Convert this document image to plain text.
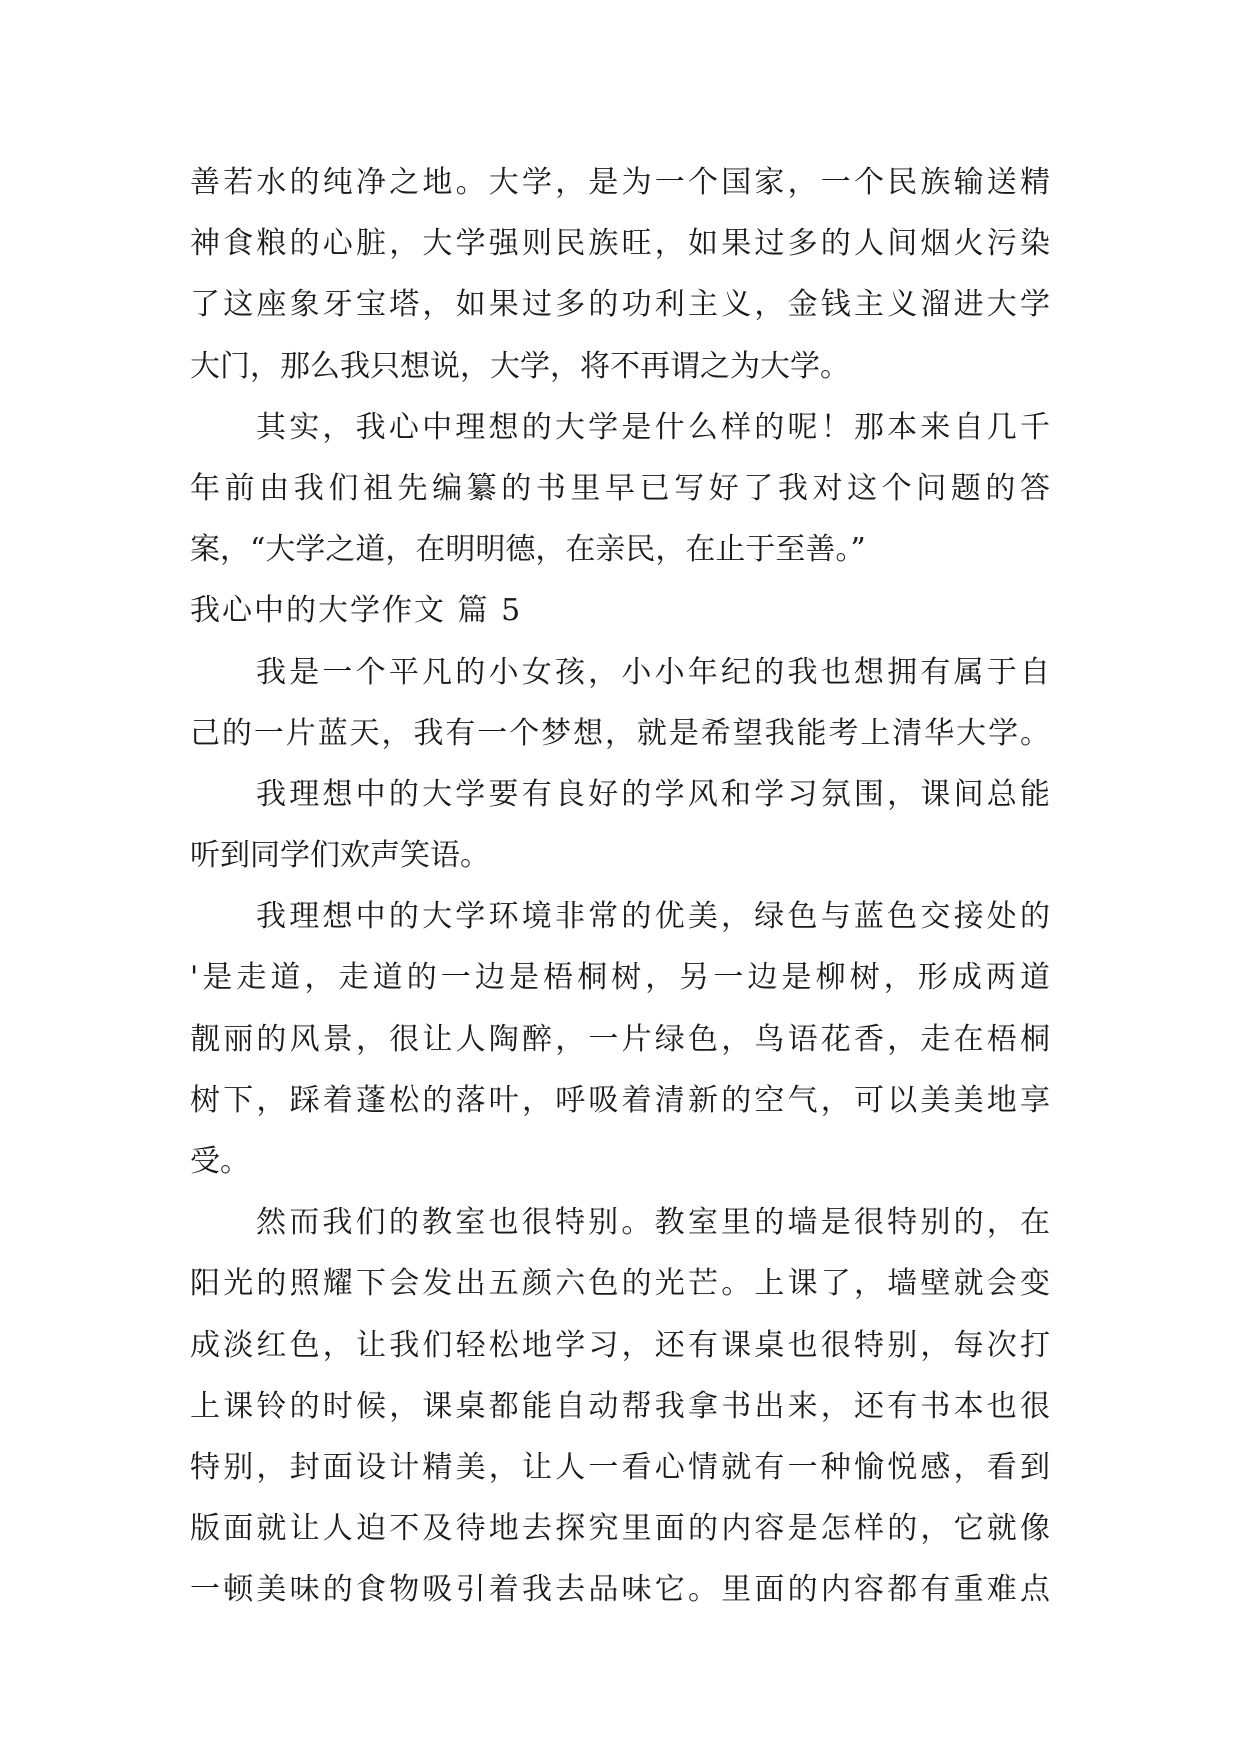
善若水的纯净之地。大学，是为一个国家，一个民族输送精
神食粮的心脏，大学强则民族旺，如果过多的人间烟火污染
了这座象牙宝塔，如果过多的功利主义，金钱主义溜进大学
大门，那么我只想说，大学，将不再谓之为大学。
其实，我心中理想的大学是什么样的呢！那本来自几千
年前由我们祖先编纂的书里早已写好了我对这个问题的答
案，“大学之道，在明明德，在亲民，在止于至善。”
我心中的大学作文 篇 5
我是一个平凡的小女孩，小小年纪的我也想拥有属于自
己的一片蓝天，我有一个梦想，就是希望我能考上清华大学。
我理想中的大学要有良好的学风和学习氛围，课间总能
听到同学们欢声笑语。
我理想中的大学环境非常的优美，绿色与蓝色交接处的
'是走道，走道的一边是梧桐树，另一边是柳树，形成两道
靓丽的风景，很让人陶醉，一片绿色，鸟语花香，走在梧桐
树下，踩着蓬松的落叶，呼吸着清新的空气，可以美美地享
受。
然而我们的教室也很特别。教室里的墙是很特别的，在
阳光的照耀下会发出五颜六色的光芒。上课了，墙壁就会变
成淡红色，让我们轻松地学习，还有课桌也很特别，每次打
上课铃的时候，课桌都能自动帮我拿书出来，还有书本也很
特别，封面设计精美，让人一看心情就有一种愉悦感，看到
版面就让人迫不及待地去探究里面的内容是怎样的，它就像
一顿美味的食物吸引着我去品味它。里面的内容都有重难点
